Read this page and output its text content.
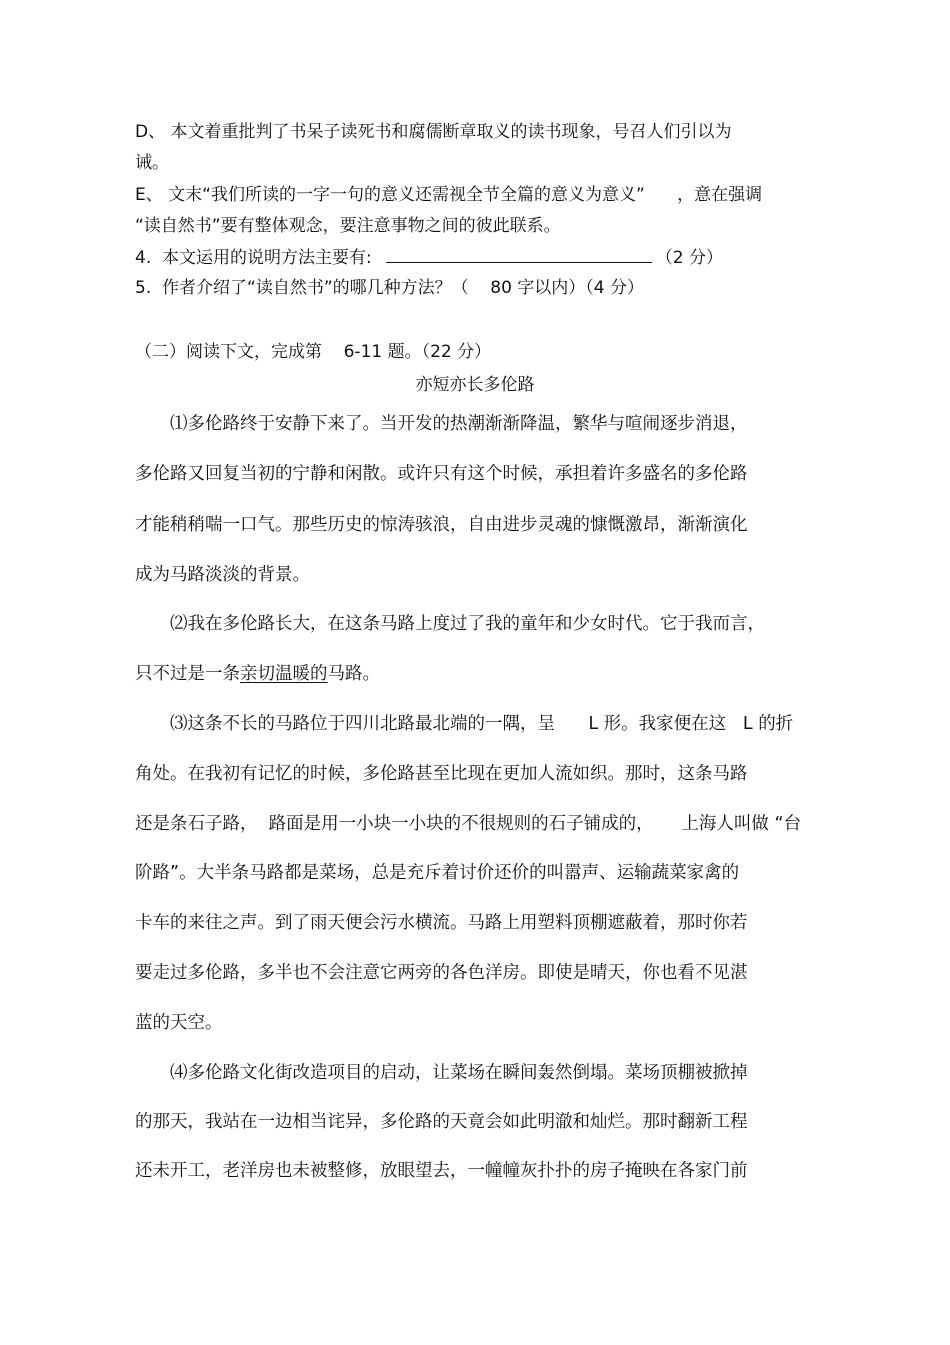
D、 本文着重批判了书呆子读死书和腐儒断章取义的读书现象，号召人们引以为
诫。
E、 文末“我们所读的一字一句的意义还需视全节全篇的意义为意义”      ，意在强调
“读自然书”要有整体观念，要注意事物之间的彼此联系。
4.  本文运用的说明方法主要有:	（2 分）
5.  作者介绍了“读自然书”的哪几种方法？（    80 字以内）（4 分）
（二）阅读下文，完成第    6-11 题。（22 分）
亦短亦长多伦路
⑴多伦路终于安静下来了。当开发的热潮渐渐降温，繁华与喧闹逐步消退，
多伦路又回复当初的宁静和闲散。或许只有这个时候，承担着许多盛名的多伦路
才能稍稍喘一口气。那些历史的惊涛骇浪，自由进步灵魂的慷慨激昂，渐渐演化
成为马路淡淡的背景。
⑵我在多伦路长大，在这条马路上度过了我的童年和少女时代。它于我而言，
只不过是一条亲切温暖的马路。
⑶这条不长的马路位于四川北路最北端的一隅，呈      L 形。我家便在这   L 的折
角处。在我初有记忆的时候，多伦路甚至比现在更加人流如织。那时，这条马路
还是条石子路，  路面是用一小块一小块的不很规则的石子铺成的，     上海人叫做 “台
阶路”。大半条马路都是菜场，总是充斥着讨价还价的叫嚣声、运输蔬菜家禽的
卡车的来往之声。到了雨天便会污水横流。马路上用塑料顶棚遮蔽着，那时你若
要走过多伦路，多半也不会注意它两旁的各色洋房。即使是晴天，你也看不见湛
蓝的天空。
⑷多伦路文化街改造项目的启动，让菜场在瞬间轰然倒塌。菜场顶棚被掀掉
的那天，我站在一边相当诧异，多伦路的天竟会如此明澈和灿烂。那时翻新工程
还未开工，老洋房也未被整修，放眼望去，一幢幢灰扑扑的房子掩映在各家门前
